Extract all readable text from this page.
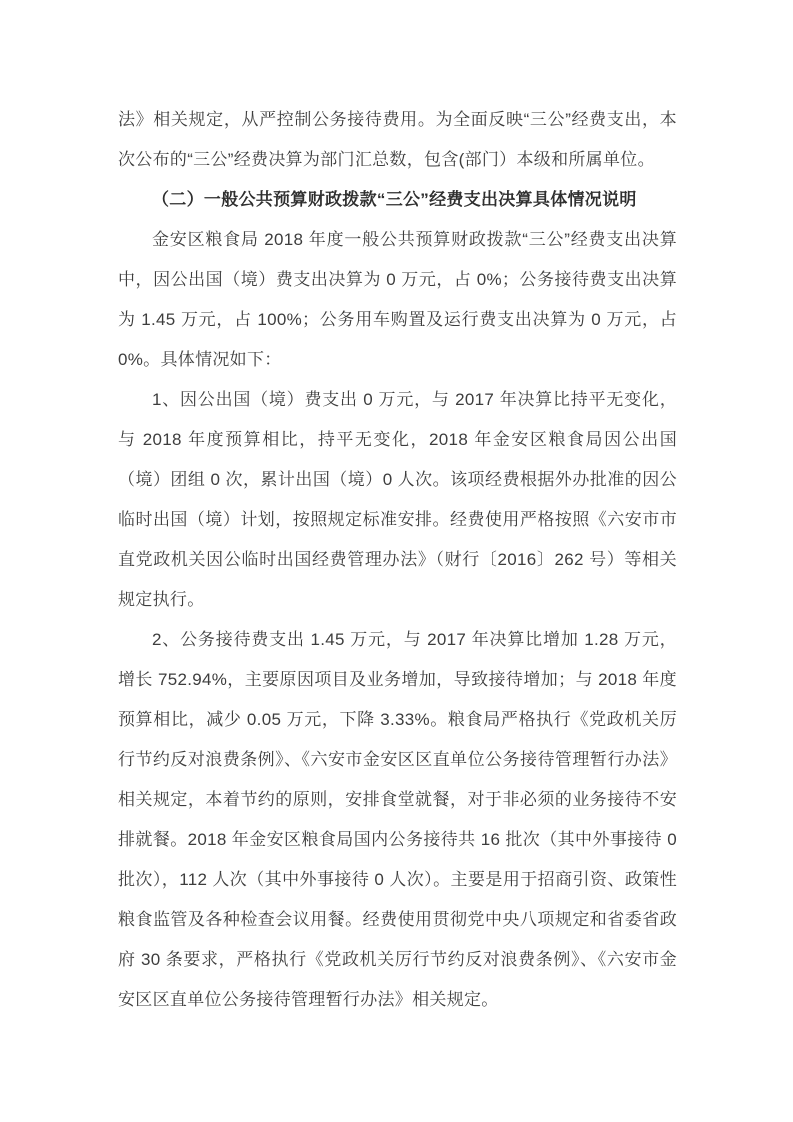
法》相关规定，从严控制公务接待费用。为全面反映“三公”经费支出，本次公布的“三公”经费决算为部门汇总数，包含(部门）本级和所属单位。

（二）一般公共预算财政拨款“三公”经费支出决算具体情况说明

金安区粮食局 2018 年度一般公共预算财政拨款“三公”经费支出决算中，因公出国（境）费支出决算为 0 万元，占 0%；公务接待费支出决算为 1.45 万元，占 100%；公务用车购置及运行费支出决算为 0 万元，占 0%。具体情况如下：

1、因公出国（境）费支出 0 万元，与 2017 年决算比持平无变化，与 2018 年度预算相比，持平无变化，2018 年金安区粮食局因公出国（境）团组 0 次，累计出国（境）0 人次。该项经费根据外办批准的因公临时出国（境）计划，按照规定标准安排。经费使用严格按照《六安市市直党政机关因公临时出国经费管理办法》（财行〔2016〕262 号）等相关规定执行。

2、公务接待费支出 1.45 万元，与 2017 年决算比增加 1.28 万元，增长 752.94%，主要原因项目及业务增加，导致接待增加；与 2018 年度预算相比，减少 0.05 万元，下降 3.33%。粮食局严格执行《党政机关厉行节约反对浪费条例》、《六安市金安区区直单位公务接待管理暂行办法》相关规定，本着节约的原则，安排食堂就餐，对于非必须的业务接待不安排就餐。2018 年金安区粮食局国内公务接待共 16 批次（其中外事接待 0 批次），112 人次（其中外事接待 0 人次）。主要是用于招商引资、政策性粮食监管及各种检查会议用餐。经费使用贯彻党中央八项规定和省委省政府 30 条要求，严格执行《党政机关厉行节约反对浪费条例》、《六安市金安区区直单位公务接待管理暂行办法》相关规定。
